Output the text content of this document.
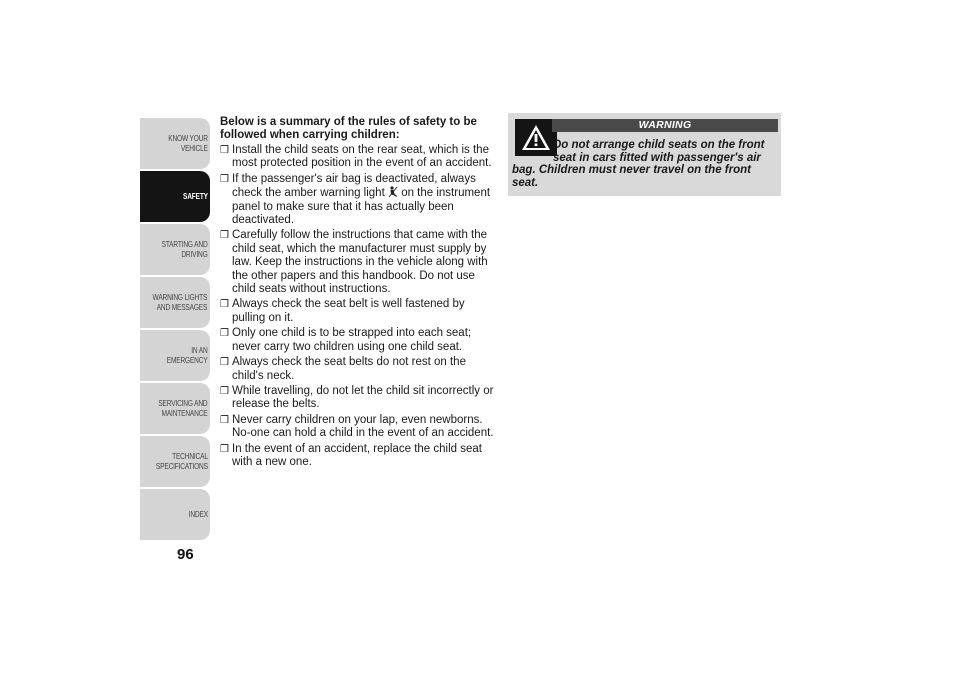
KNOW YOUR
VEHICLE
SAFETY
STARTING AND
DRIVING
WARNING LIGHTS
AND MESSAGES
IN AN EMERGENCY
SERVICING AND
MAINTENANCE
TECHNICAL
SPECIFICATIONS
INDEX
96

Below is a summary of the rules of safety to be followed when carrying children:

❒ Install the child seats on the rear seat, which is the most protected position in the event of an accident.
❒ If the passenger's air bag is deactivated, always check the amber warning light on the instrument panel to make sure that it has actually been deactivated.
❒ Carefully follow the instructions that came with the child seat, which the manufacturer must supply by law. Keep the instructions in the vehicle along with the other papers and this handbook. Do not use child seats without instructions.
❒ Always check the seat belt is well fastened by pulling on it.
❒ Only one child is to be strapped into each seat; never carry two children using one child seat.
❒ Always check the seat belts do not rest on the child's neck.
❒ While travelling, do not let the child sit incorrectly or release the belts.
❒ Never carry children on your lap, even newborns. No-one can hold a child in the event of an accident.
❒ In the event of an accident, replace the child seat with a new one.
WARNING
Do not arrange child seats on the front seat in cars fitted with passenger's air bag. Children must never travel on the front seat.
